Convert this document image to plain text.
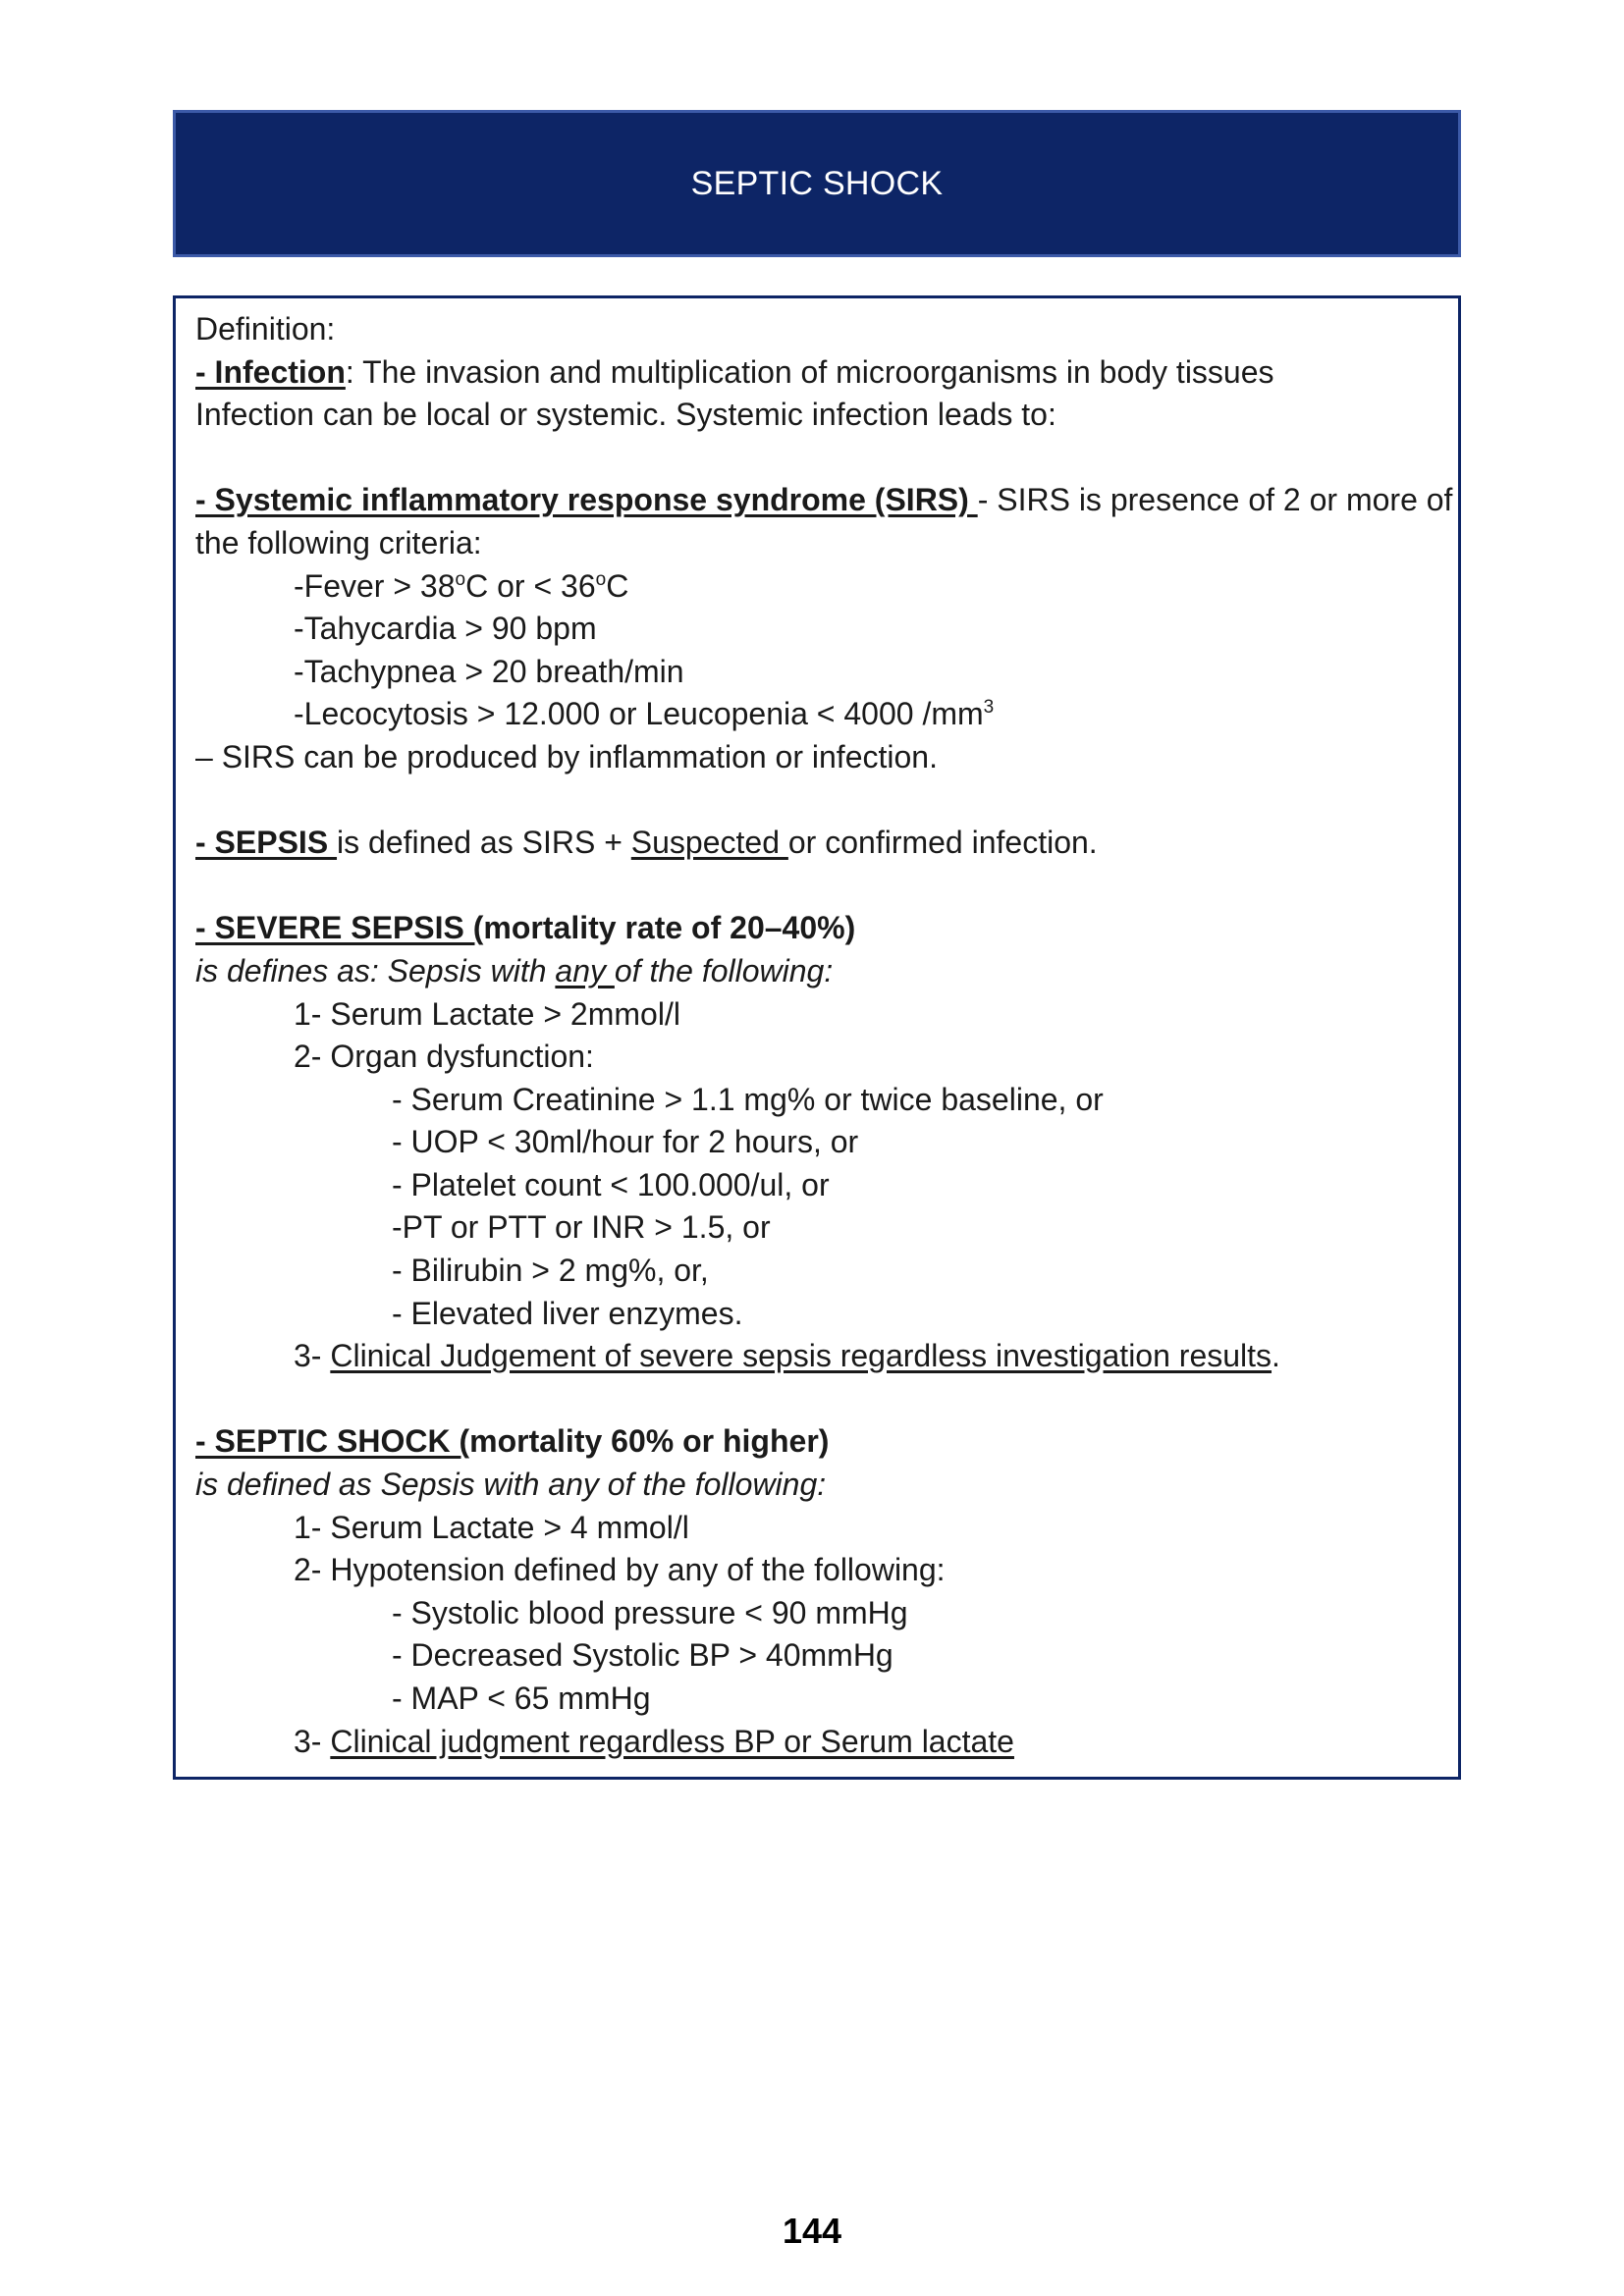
SEPTIC SHOCK
Definition:
- Infection: The invasion and multiplication of microorganisms in body tissues
Infection can be local or systemic. Systemic infection leads to:
- Systemic inflammatory response syndrome (SIRS) - SIRS is presence of 2 or more of
the following criteria:
-Fever > $38^oC$ or < $36^oC$
-Tahycardia > 90 bpm
-Tachypnea > 20 breath/min
-Lecocytosis > 12.000 or Leucopenia < 4000 $/mm^3$
– SIRS can be produced by inflammation or infection.
- SEPSIS is defined as SIRS + Suspected or confirmed infection.
- SEVERE SEPSIS (mortality rate of 20–40%)
is defines as: Sepsis with any of the following:
1- Serum Lactate > 2mmol/l
2- Organ dysfunction:
- Serum Creatinine > 1.1 mg% or twice baseline, or
- UOP < 30ml/hour for 2 hours, or
- Platelet count < 100.000/ul, or
-PT or PTT or INR > 1.5, or
- Bilirubin > 2 mg%, or,
- Elevated liver enzymes.
3- Clinical Judgement of severe sepsis regardless investigation results.
- SEPTIC SHOCK (mortality 60% or higher)
is defined as Sepsis with any of the following:
1- Serum Lactate > 4 mmol/l
2- Hypotension defined by any of the following:
- Systolic blood pressure < 90 mmHg
- Decreased Systolic BP > 40mmHg
- MAP < 65 mmHg
3- Clinical judgment regardless BP or Serum lactate
144
